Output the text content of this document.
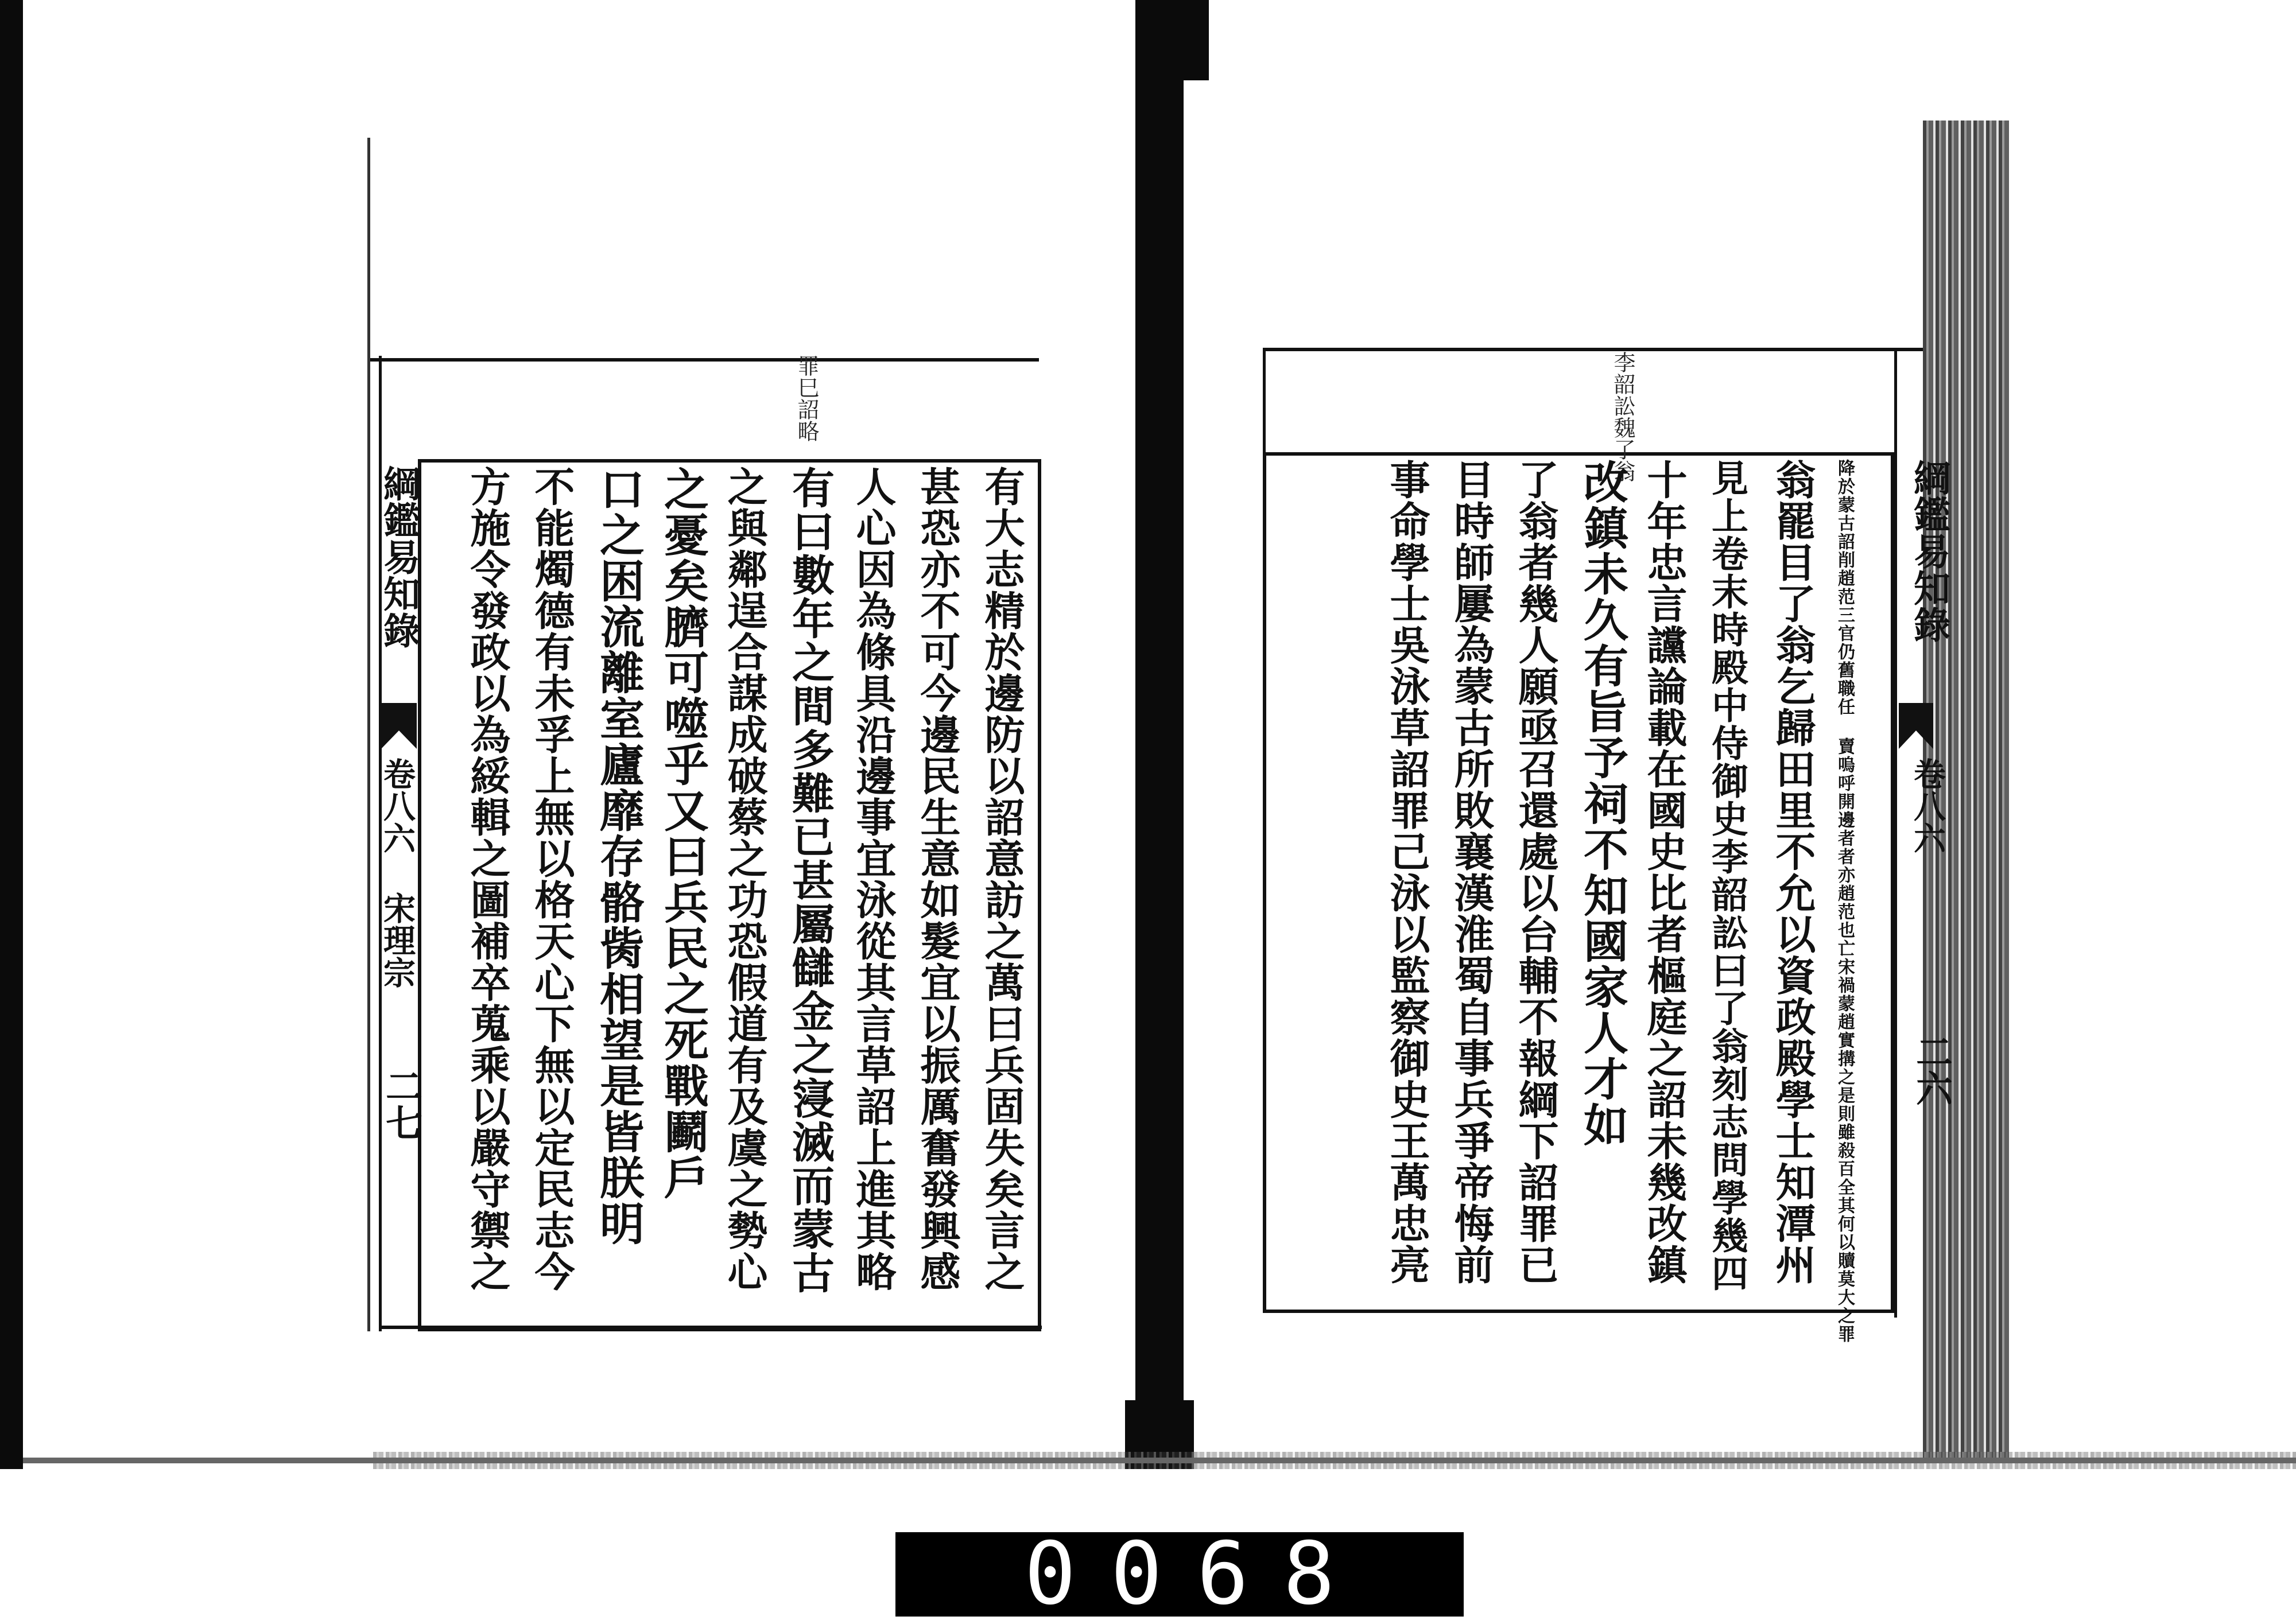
罪巳詔略
綱鑑易知錄
卷八六 宋理宗
二七	有大志精於邊防以詔意訪之萬曰兵固失矣言之
甚恐亦不可今邊民生意如髮宜以振厲奮發興感
人心因為條具沿邊事宜泳從其言草詔上進其略
有曰數年之間多難已甚屬讎金之寖滅而蒙古
之與鄰逞合謀成破蔡之功恐假道有及虞之勢心
之憂矣臍可噬乎又曰兵民之死戰鬬戶
口之困流離室廬靡存骼胔相望是皆朕明
不能燭德有未孚上無以格天心下無以定民志今
方施令發政以為綏輯之圖補卒蒐乘以嚴守禦之
李韶訟魏了翁
綱鑑易知錄
卷八六
二六
降於蒙古詔削趙范三官仍舊職任 賣嗚呼開邊者者亦趙范也亡宋禍蒙趙實搆之是則雖殺百全其何以贖莫大之罪
翁罷目了翁乞歸田里不允以資政殿學士知潭州
見上卷末時殿中侍御史李韶訟曰了翁刻志問學幾四
十年忠言讜論載在國史比者樞庭之詔未幾改鎮
改鎮未久有旨予祠不知國家人才如
了翁者幾人願亟召還處以台輔不報綱下詔罪已
目時師屢為蒙古所敗襄漢淮蜀自事兵爭帝悔前
事命學士吳泳草詔罪己泳以監察御史王萬忠亮
0068
